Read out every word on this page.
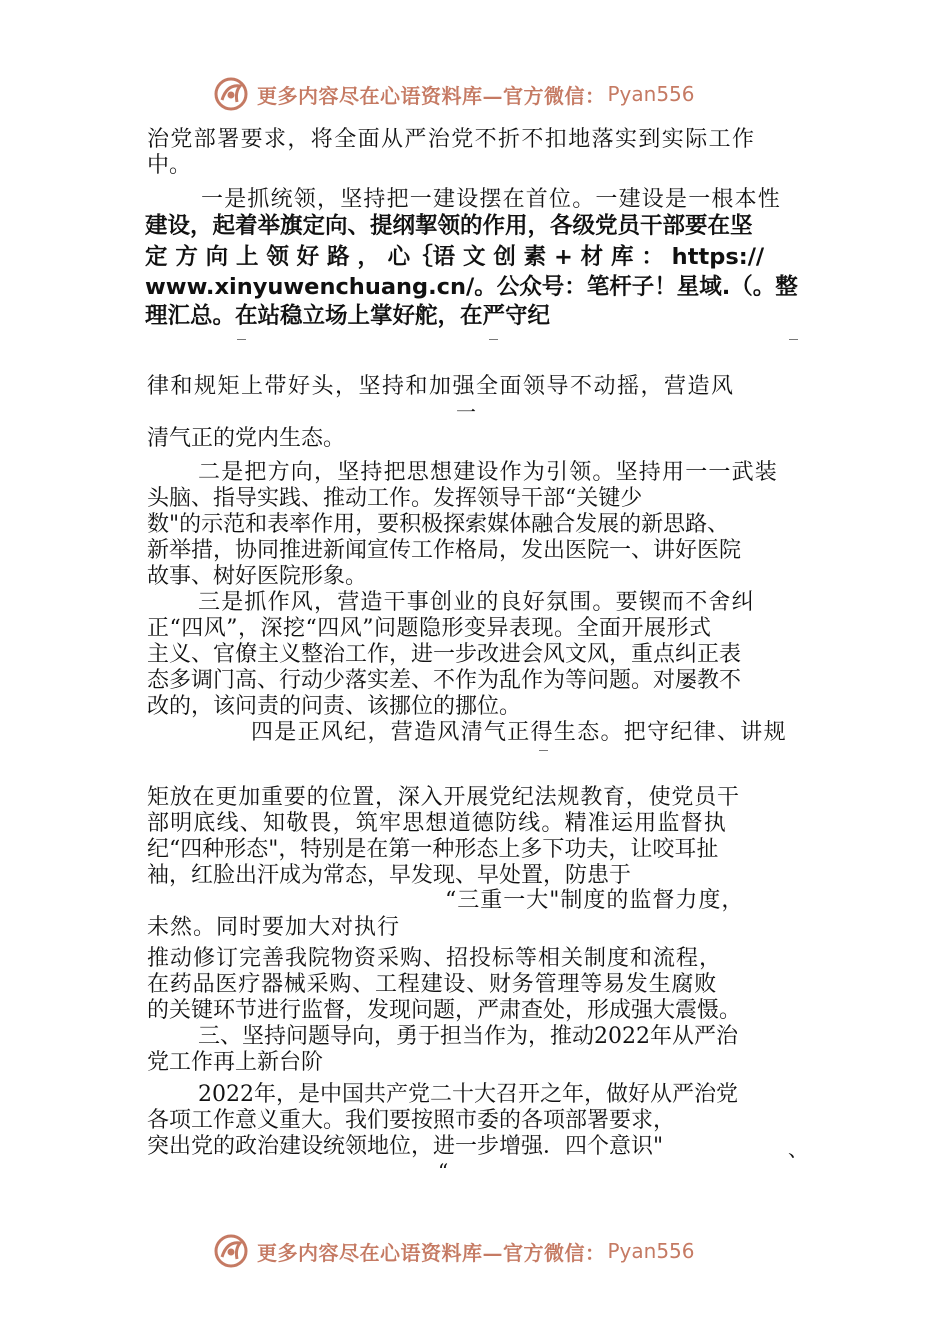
更多内容尽在心语资料库—官方微信： Pyan556
治党部署要求，将全面从严治党不折不扣地落实到实际工作
中。
一是抓统领，坚持把一建设摆在首位。一建设是一根本性
建设，起着举旗定向、提纲挈领的作用，各级党员干部要在坚
定 方 向 上 领 好 路 ， 心｛语 文 创 素 + 材 库 ： https://
www.xinyuwenchuang.cn/。公众号：笔杆子！星域.（。整
理汇总。在站稳立场上掌好舵，在严守纪
律和规矩上带好头，坚持和加强全面领导不动摇，营造风
一
清气正的党内生态。
二是把方向，坚持把思想建设作为引领。坚持用一一武装
头脑、指导实践、推动工作。发挥领导干部“关键少
数"的示范和表率作用，要积极探索媒体融合发展的新思路、
新举措，协同推进新闻宣传工作格局，发出医院一、讲好医院
故事、树好医院形象。
三是抓作风，营造干事创业的良好氛围。要锲而不舍纠
正“四风”，深挖“四风”问题隐形变异表现。全面开展形式
主义、官僚主义整治工作，进一步改进会风文风，重点纠正表
态多调门高、行动少落实差、不作为乱作为等问题。对屡教不
改的，该问责的问责、该挪位的挪位。
四是正风纪，营造风清气正得生态。把守纪律、讲规
矩放在更加重要的位置，深入开展党纪法规教育，使党员干
部明底线、知敬畏，筑牢思想道德防线。精准运用监督执
纪“四种形态"，特别是在第一种形态上多下功夫，让咬耳扯
袖，红脸出汗成为常态，早发现、早处置，防患于
“三重一大"制度的监督力度，
未然。同时要加大对执行
推动修订完善我院物资采购、招投标等相关制度和流程，
在药品医疗器械采购、工程建设、财务管理等易发生腐败
的关键环节进行监督，发现问题，严肃查处，形成强大震慑。
三、坚持问题导向，勇于担当作为，推动2022年从严治
党工作再上新台阶
2022年，是中国共产党二十大召开之年，做好从严治党
各项工作意义重大。我们要按照市委的各项部署要求，
突出党的政治建设统领地位，进一步增强．四个意识"	、
“
更多内容尽在心语资料库—官方微信： Pyan556
